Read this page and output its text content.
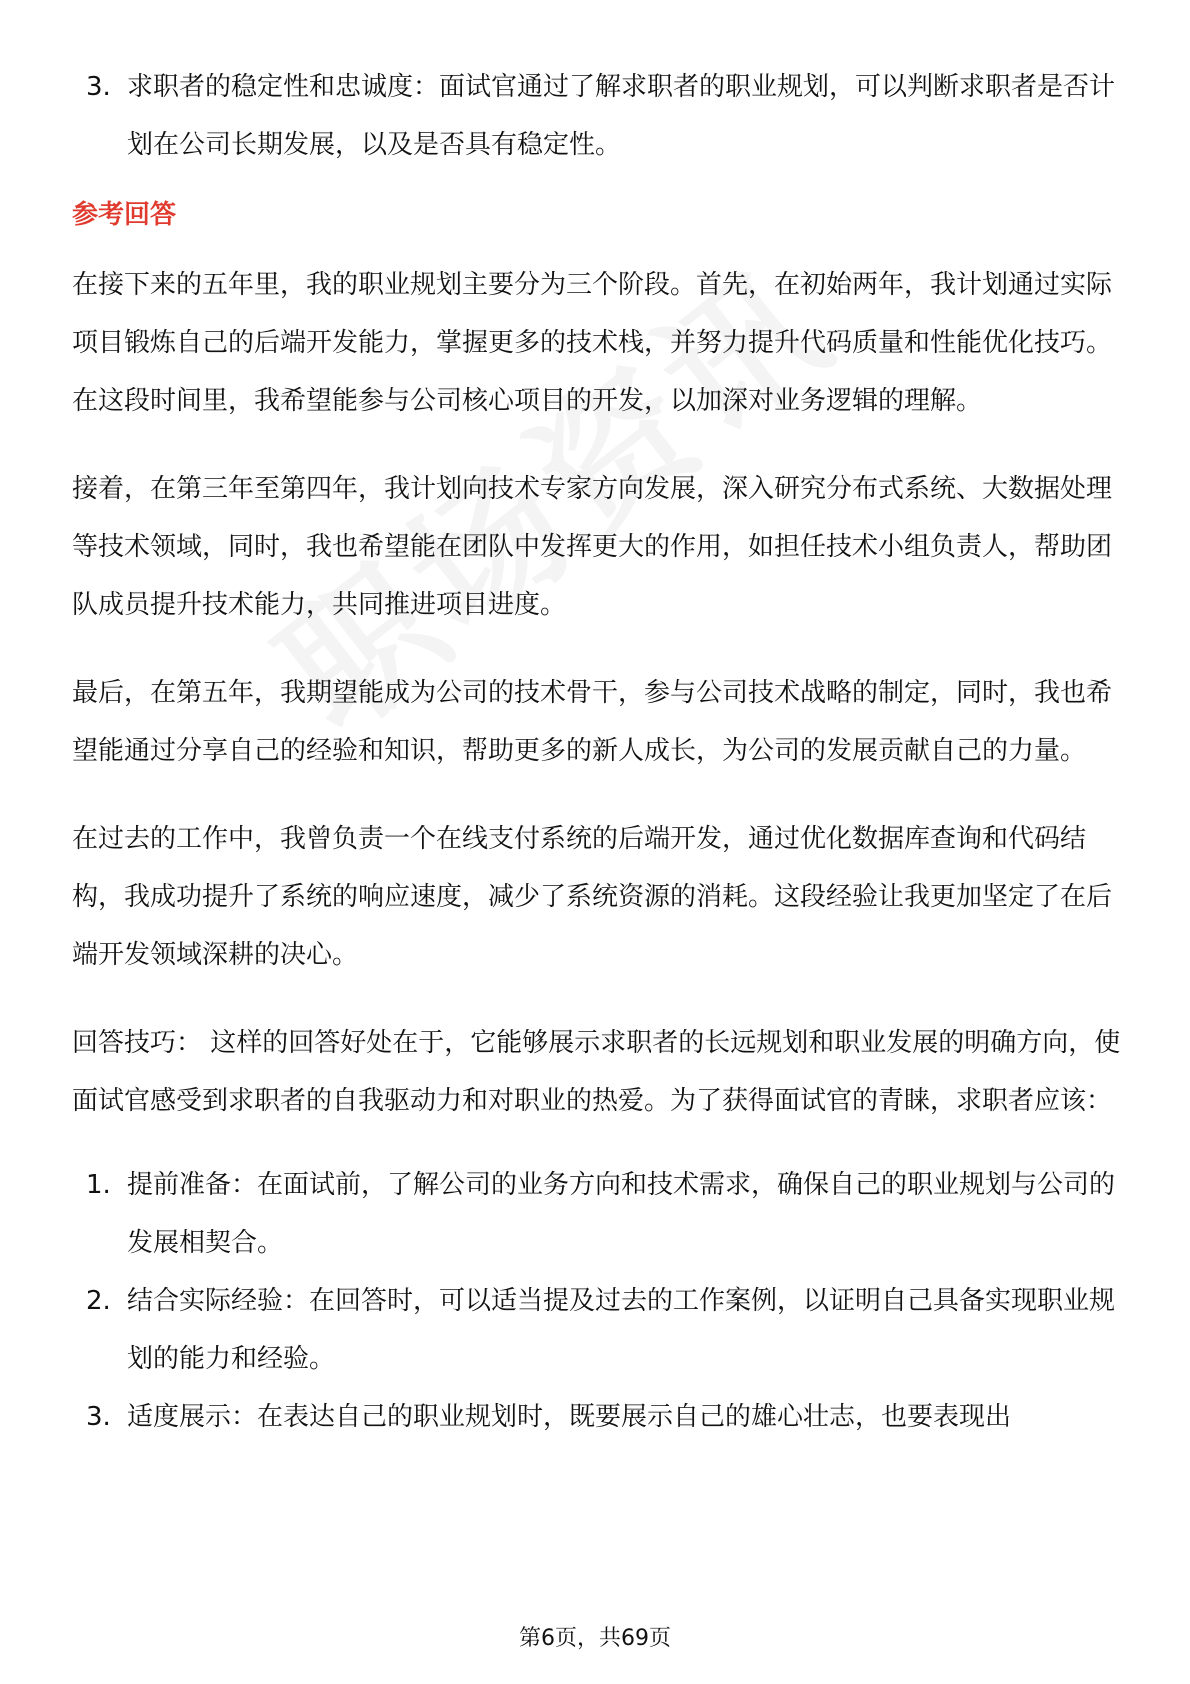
3. 求职者的稳定性和忠诚度：面试官通过了解求职者的职业规划，可以判断求职者是否计划在公司长期发展，以及是否具有稳定性。
参考回答

在接下来的五年里，我的职业规划主要分为三个阶段。首先，在初始两年，我计划通过实际项目锻炼自己的后端开发能力，掌握更多的技术栈，并努力提升代码质量和性能优化技巧。在这段时间里，我希望能参与公司核心项目的开发，以加深对业务逻辑的理解。

接着，在第三年至第四年，我计划向技术专家方向发展，深入研究分布式系统、大数据处理等技术领域，同时，我也希望能在团队中发挥更大的作用，如担任技术小组负责人，帮助团队成员提升技术能力，共同推进项目进度。

最后，在第五年，我期望能成为公司的技术骨干，参与公司技术战略的制定，同时，我也希望能通过分享自己的经验和知识，帮助更多的新人成长，为公司的发展贡献自己的力量。

在过去的工作中，我曾负责一个在线支付系统的后端开发，通过优化数据库查询和代码结构，我成功提升了系统的响应速度，减少了系统资源的消耗。这段经验让我更加坚定了在后端开发领域深耕的决心。

回答技巧： 这样的回答好处在于，它能够展示求职者的长远规划和职业发展的明确方向，使面试官感受到求职者的自我驱动力和对职业的热爱。为了获得面试官的青睐，求职者应该：

1. 提前准备：在面试前，了解公司的业务方向和技术需求，确保自己的职业规划与公司的发展相契合。
2. 结合实际经验：在回答时，可以适当提及过去的工作案例，以证明自己具备实现职业规划的能力和经验。
3. 适度展示：在表达自己的职业规划时，既要展示自己的雄心壮志，也要表现出
第6页，共69页
